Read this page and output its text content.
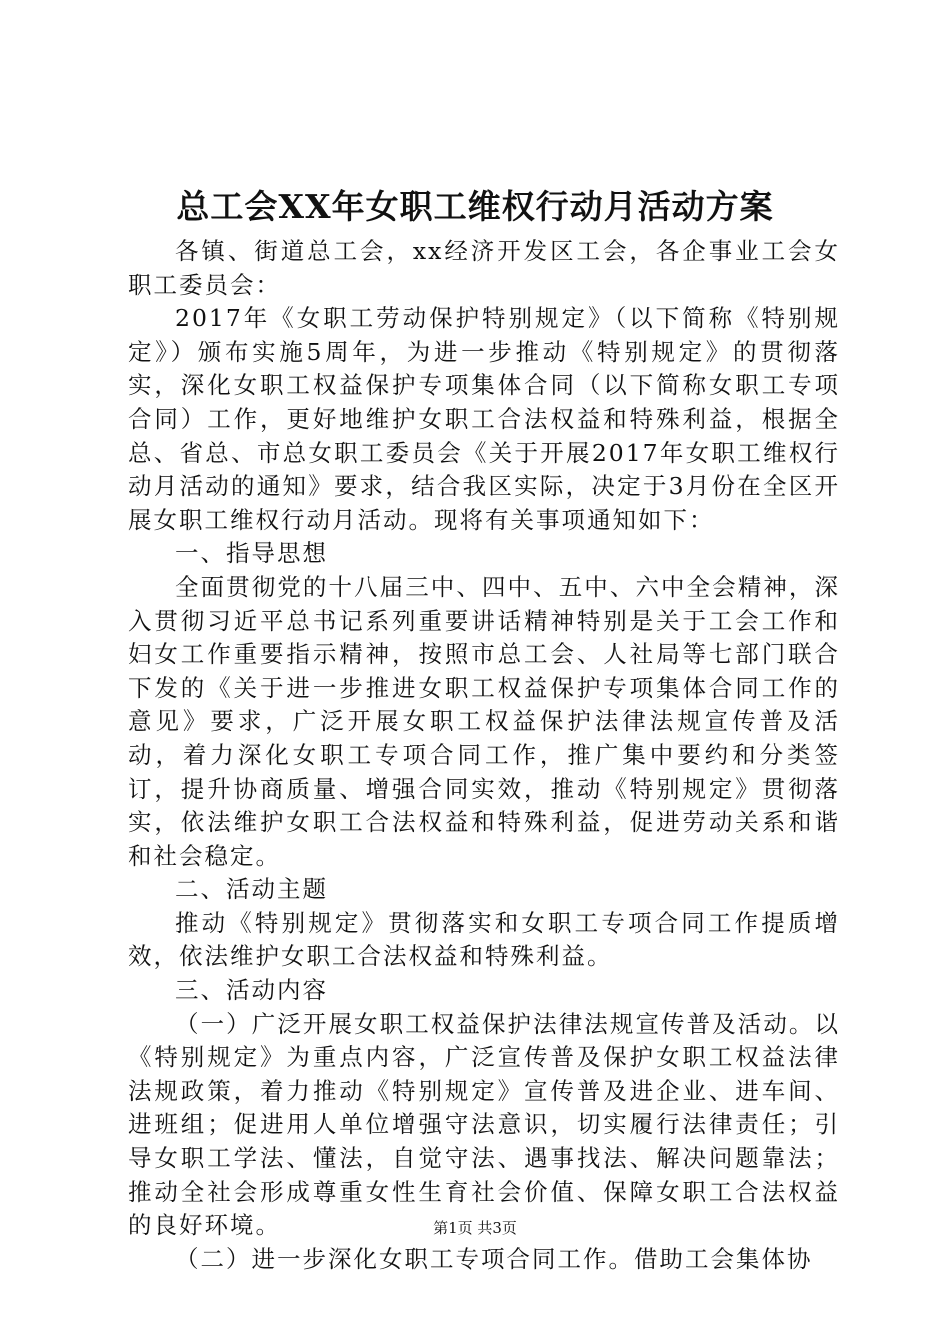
总工会XX年女职工维权行动月活动方案

各镇、街道总工会，xx经济开发区工会，各企事业工会女职工委员会：

2017年《女职工劳动保护特别规定》（以下简称《特别规定》）颁布实施5周年，为进一步推动《特别规定》的贯彻落实，深化女职工权益保护专项集体合同（以下简称女职工专项合同）工作，更好地维护女职工合法权益和特殊利益，根据全总、省总、市总女职工委员会《关于开展2017年女职工维权行动月活动的通知》要求，结合我区实际，决定于3月份在全区开展女职工维权行动月活动。现将有关事项通知如下：

一、指导思想

全面贯彻党的十八届三中、四中、五中、六中全会精神，深入贯彻习近平总书记系列重要讲话精神特别是关于工会工作和妇女工作重要指示精神，按照市总工会、人社局等七部门联合下发的《关于进一步推进女职工权益保护专项集体合同工作的意见》要求，广泛开展女职工权益保护法律法规宣传普及活动，着力深化女职工专项合同工作，推广集中要约和分类签订，提升协商质量、增强合同实效，推动《特别规定》贯彻落实，依法维护女职工合法权益和特殊利益，促进劳动关系和谐和社会稳定。

二、活动主题

推动《特别规定》贯彻落实和女职工专项合同工作提质增效，依法维护女职工合法权益和特殊利益。

三、活动内容

（一）广泛开展女职工权益保护法律法规宣传普及活动。以《特别规定》为重点内容，广泛宣传普及保护女职工权益法律法规政策，着力推动《特别规定》宣传普及进企业、进车间、进班组；促进用人单位增强守法意识，切实履行法律责任；引导女职工学法、懂法，自觉守法、遇事找法、解决问题靠法；推动全社会形成尊重女性生育社会价值、保障女职工合法权益的良好环境。

（二）进一步深化女职工专项合同工作。借助工会集体协

第1页 共3页
